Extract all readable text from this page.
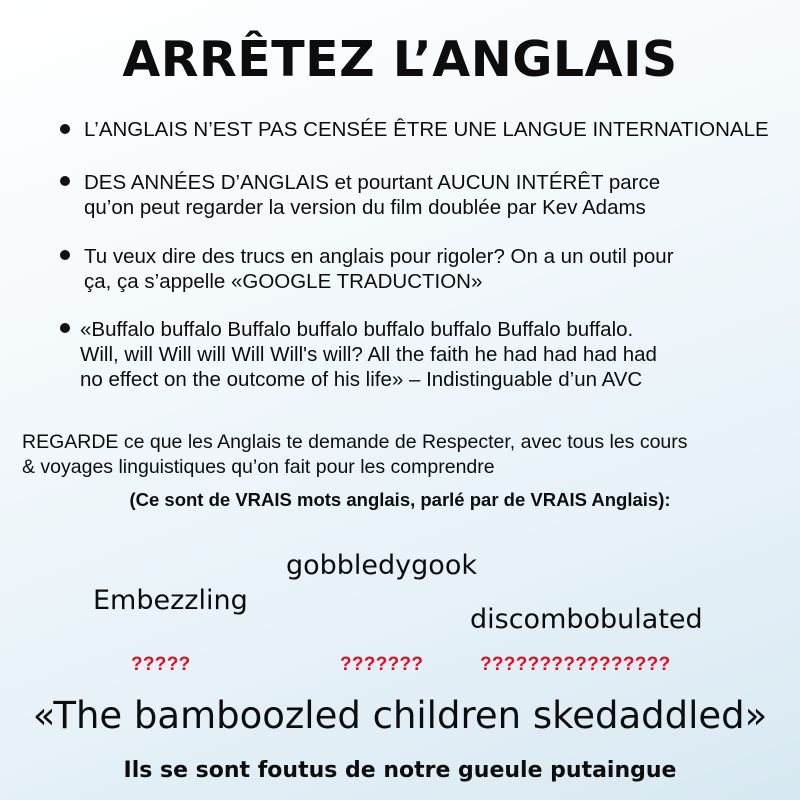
ARRÊTEZ L’ANGLAIS
L’ANGLAIS N’EST PAS CENSÉE ÊTRE UNE LANGUE INTERNATIONALE
DES ANNÉES D’ANGLAIS et pourtant AUCUN INTÉRÊT parce
qu’on peut regarder la version du film doublée par Kev Adams
Tu veux dire des trucs en anglais pour rigoler? On a un outil pour
ça, ça s’appelle «GOOGLE TRADUCTION»
«Buffalo buffalo Buffalo buffalo buffalo buffalo Buffalo buffalo.
Will, will Will will Will Will's will? All the faith he had had had had
no effect on the outcome of his life» – Indistinguable d’un AVC
REGARDE ce que les Anglais te demande de Respecter, avec tous les cours
& voyages linguistiques qu’on fait pour les comprendre
(Ce sont de VRAIS mots anglais, parlé par de VRAIS Anglais):
gobbledygook
Embezzling
discombobulated
?????	???????	????????????????
«The bamboozled children skedaddled»
Ils se sont foutus de notre gueule putaingue
